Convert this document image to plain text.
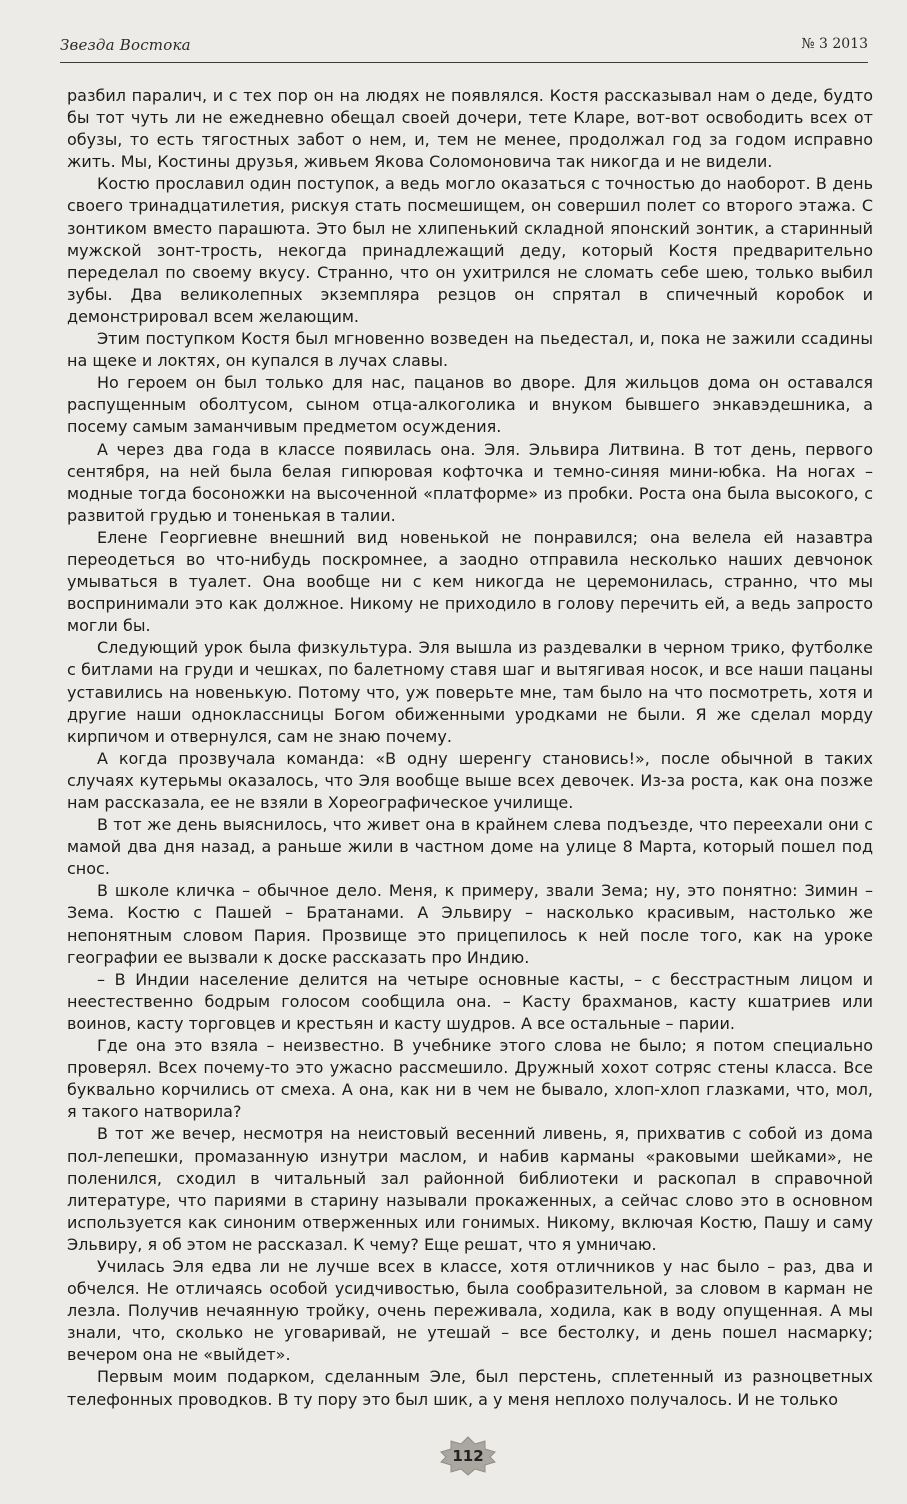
Звезда Востока	№ 3 2013

разбил паралич, и с тех пор он на людях не появлялся. Костя рассказывал нам о деде, будто бы тот чуть ли не ежедневно обещал своей дочери, тете Кларе, вот-вот освободить всех от обузы, то есть тягостных забот о нем, и, тем не менее, продолжал год за годом исправно жить. Мы, Костины друзья, живьем Якова Соломоновича так никогда и не видели.

Костю прославил один поступок, а ведь могло оказаться с точностью до наоборот. В день своего тринадцатилетия, рискуя стать посмешищем, он совершил полет со второго этажа. С зонтиком вместо парашюта. Это был не хлипенький складной японский зонтик, а старинный мужской зонт-трость, некогда принадлежащий деду, который Костя предварительно переделал по своему вкусу. Странно, что он ухитрился не сломать себе шею, только выбил зубы. Два великолепных экземпляра резцов он спрятал в спичечный коробок и демонстрировал всем желающим.

Этим поступком Костя был мгновенно возведен на пьедестал, и, пока не зажили ссадины на щеке и локтях, он купался в лучах славы.

Но героем он был только для нас, пацанов во дворе. Для жильцов дома он оставался распущенным оболтусом, сыном отца-алкоголика и внуком бывшего энкавэдешника, а посему самым заманчивым предметом осуждения.

А через два года в классе появилась она. Эля. Эльвира Литвина. В тот день, первого сентября, на ней была белая гипюровая кофточка и темно-синяя мини-юбка. На ногах – модные тогда босоножки на высоченной «платформе» из пробки. Роста она была высокого, с развитой грудью и тоненькая в талии.

Елене Георгиевне внешний вид новенькой не понравился; она велела ей назавтра переодеться во что-нибудь поскромнее, а заодно отправила несколько наших девчонок умываться в туалет. Она вообще ни с кем никогда не церемонилась, странно, что мы воспринимали это как должное. Никому не приходило в голову перечить ей, а ведь запросто могли бы.

Следующий урок была физкультура. Эля вышла из раздевалки в черном трико, футболке с битлами на груди и чешках, по балетному ставя шаг и вытягивая носок, и все наши пацаны уставились на новенькую. Потому что, уж поверьте мне, там было на что посмотреть, хотя и другие наши одноклассницы Богом обиженными уродками не были. Я же сделал морду кирпичом и отвернулся, сам не знаю почему.

А когда прозвучала команда: «В одну шеренгу становись!», после обычной в таких случаях кутерьмы оказалось, что Эля вообще выше всех девочек. Из-за роста, как она позже нам рассказала, ее не взяли в Хореографическое училище.

В тот же день выяснилось, что живет она в крайнем слева подъезде, что переехали они с мамой два дня назад, а раньше жили в частном доме на улице 8 Марта, который пошел под снос.

В школе кличка – обычное дело. Меня, к примеру, звали Зема; ну, это понятно: Зимин – Зема. Костю с Пашей – Братанами. А Эльвиру – насколько красивым, настолько же непонятным словом Пария. Прозвище это прицепилось к ней после того, как на уроке географии ее вызвали к доске рассказать про Индию.

– В Индии население делится на четыре основные касты, – с бесстрастным лицом и неестественно бодрым голосом сообщила она. – Касту брахманов, касту кшатриев или воинов, касту торговцев и крестьян и касту шудров. А все остальные – парии.

Где она это взяла – неизвестно. В учебнике этого слова не было; я потом специально проверял. Всех почему-то это ужасно рассмешило. Дружный хохот сотряс стены класса. Все буквально корчились от смеха. А она, как ни в чем не бывало, хлоп-хлоп глазками, что, мол, я такого натворила?

В тот же вечер, несмотря на неистовый весенний ливень, я, прихватив с собой из дома пол-лепешки, промазанную изнутри маслом, и набив карманы «раковыми шейками», не поленился, сходил в читальный зал районной библиотеки и раскопал в справочной литературе, что париями в старину называли прокаженных, а сейчас слово это в основном используется как синоним отверженных или гонимых. Никому, включая Костю, Пашу и саму Эльвиру, я об этом не рассказал. К чему? Еще решат, что я умничаю.

Училась Эля едва ли не лучше всех в классе, хотя отличников у нас было – раз, два и обчелся. Не отличаясь особой усидчивостью, была сообразительной, за словом в карман не лезла. Получив нечаянную тройку, очень переживала, ходила, как в воду опущенная. А мы знали, что, сколько не уговаривай, не утешай – все бестолку, и день пошел насмарку; вечером она не «выйдет».

Первым моим подарком, сделанным Эле, был перстень, сплетенный из разноцветных телефонных проводков. В ту пору это был шик, а у меня неплохо получалось. И не только

112
